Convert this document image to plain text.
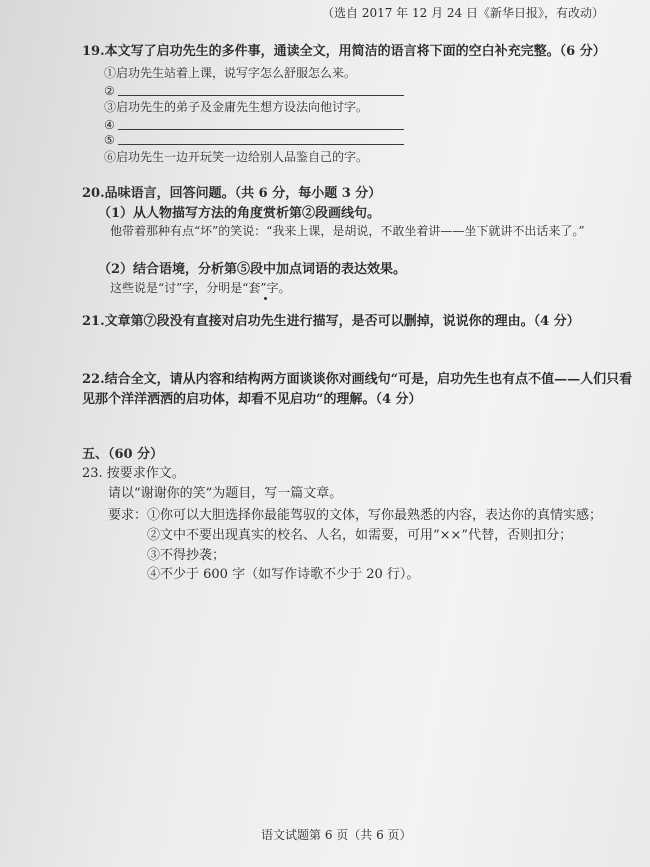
（选自 2017 年 12 月 24 日《新华日报》，有改动）
19.本文写了启功先生的多件事，通读全文，用简洁的语言将下面的空白补充完整。（6 分）
①启功先生站着上课，说写字怎么舒服怎么来。
②
③启功先生的弟子及金庸先生想方设法向他讨字。
④
⑤
⑥启功先生一边开玩笑一边给别人品鉴自己的字。
20.品味语言，回答问题。（共 6 分，每小题 3 分）
（1）从人物描写方法的角度赏析第②段画线句。
他带着那种有点“坏”的笑说：“我来上课，是胡说，不敢坐着讲——坐下就讲不出话来了。”
（2）结合语境，分析第⑤段中加点词语的表达效果。
这些说是“讨”字，分明是“套”字。
21.文章第⑦段没有直接对启功先生进行描写，是否可以删掉，说说你的理由。（4 分）
22.结合全文，请从内容和结构两方面谈谈你对画线句“可是，启功先生也有点不值——人们只看
见那个洋洋洒洒的启功体，却看不见启功”的理解。（4 分）
五、（60 分）
23. 按要求作文。
请以“谢谢你的笑”为题目，写一篇文章。
要求： ①你可以大胆选择你最能驾驭的文体，写你最熟悉的内容，表达你的真情实感；
②文中不要出现真实的校名、人名，如需要，可用“××”代替，否则扣分；
③不得抄袭；
④不少于 600 字（如写作诗歌不少于 20 行）。
语文试题第 6 页（共 6 页）
